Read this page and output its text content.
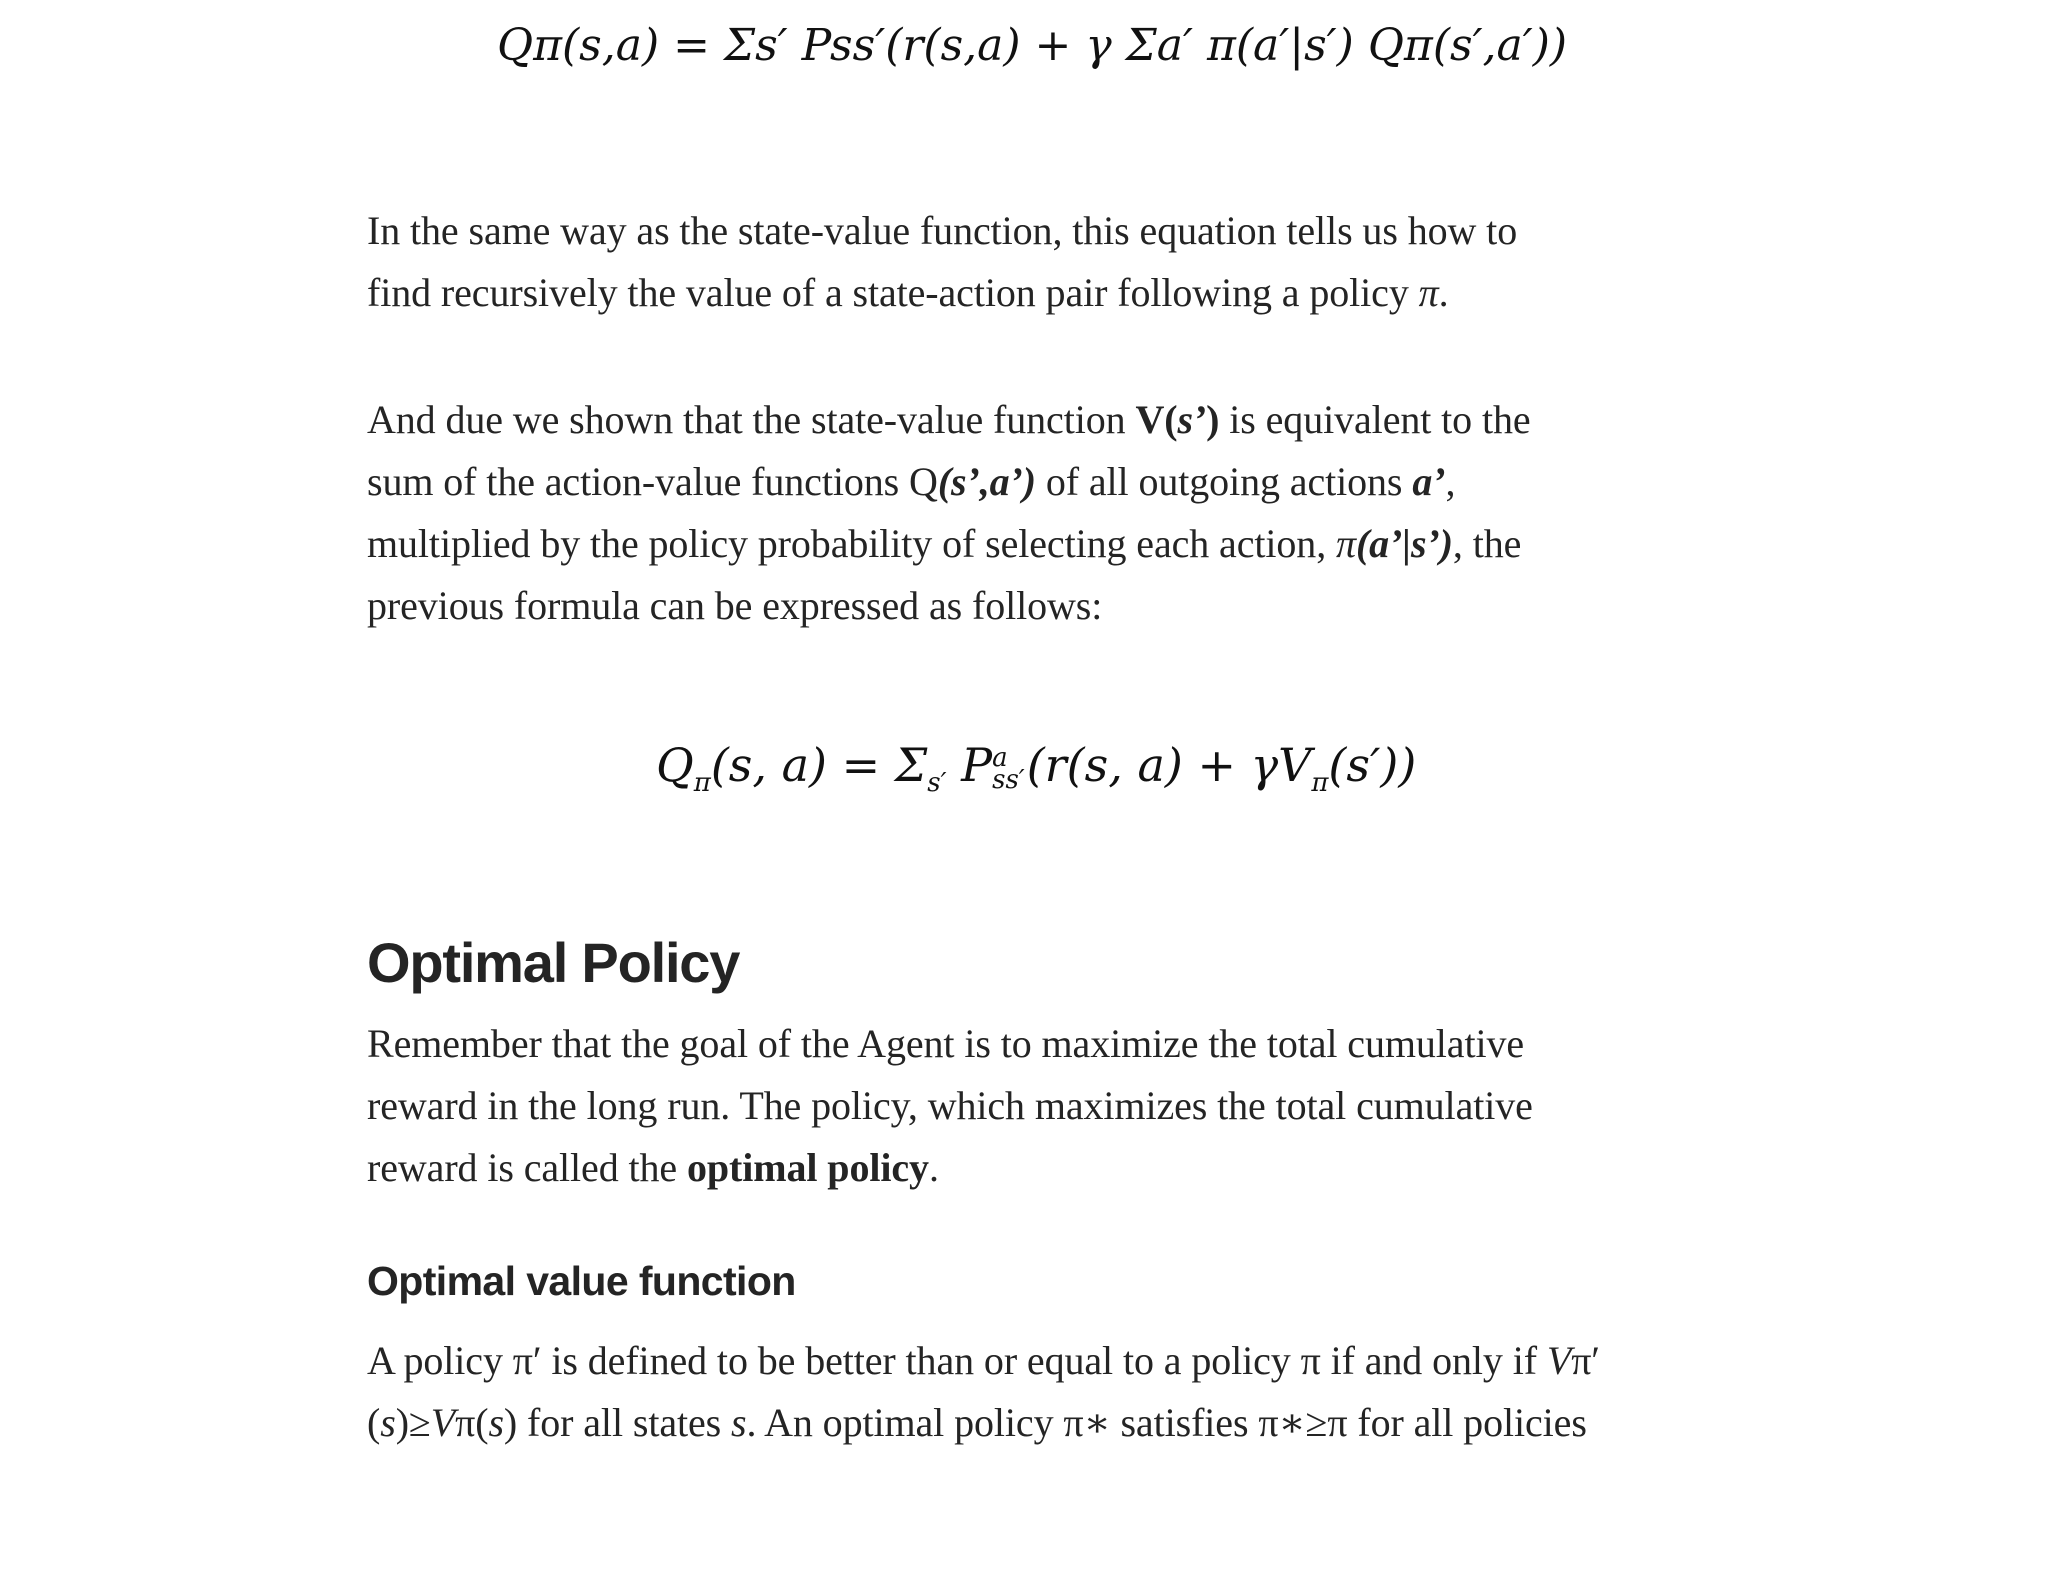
Qπ(s,a) = Σs′ Pss′(r(s,a) + γ Σa′ π(a′|s′) Qπ(s′,a′))

In the same way as the state-value function, this equation tells us how to

find recursively the value of a state-action pair following a policy π.

And due we shown that the state-value function V(s’) is equivalent to the

sum of the action-value functions Q(s’,a’) of all outgoing actions a’,

multiplied by the policy probability of selecting each action, π(a’|s’), the

previous formula can be expressed as follows:

$Q_\pi(s$, $a) = \Sigma_{s'}$ P a
ss′ (r(s, $a) + \gamma V_\pi(s')$)
Optimal Policy

Remember that the goal of the Agent is to maximize the total cumulative

reward in the long run. The policy, which maximizes the total cumulative

reward is called the optimal policy.

Optimal value function

A policy π′ is defined to be better than or equal to a policy π if and only if Vπ′

(s)≥Vπ(s) for all states s. An optimal policy π∗ satisfies π∗≥π for all policies
